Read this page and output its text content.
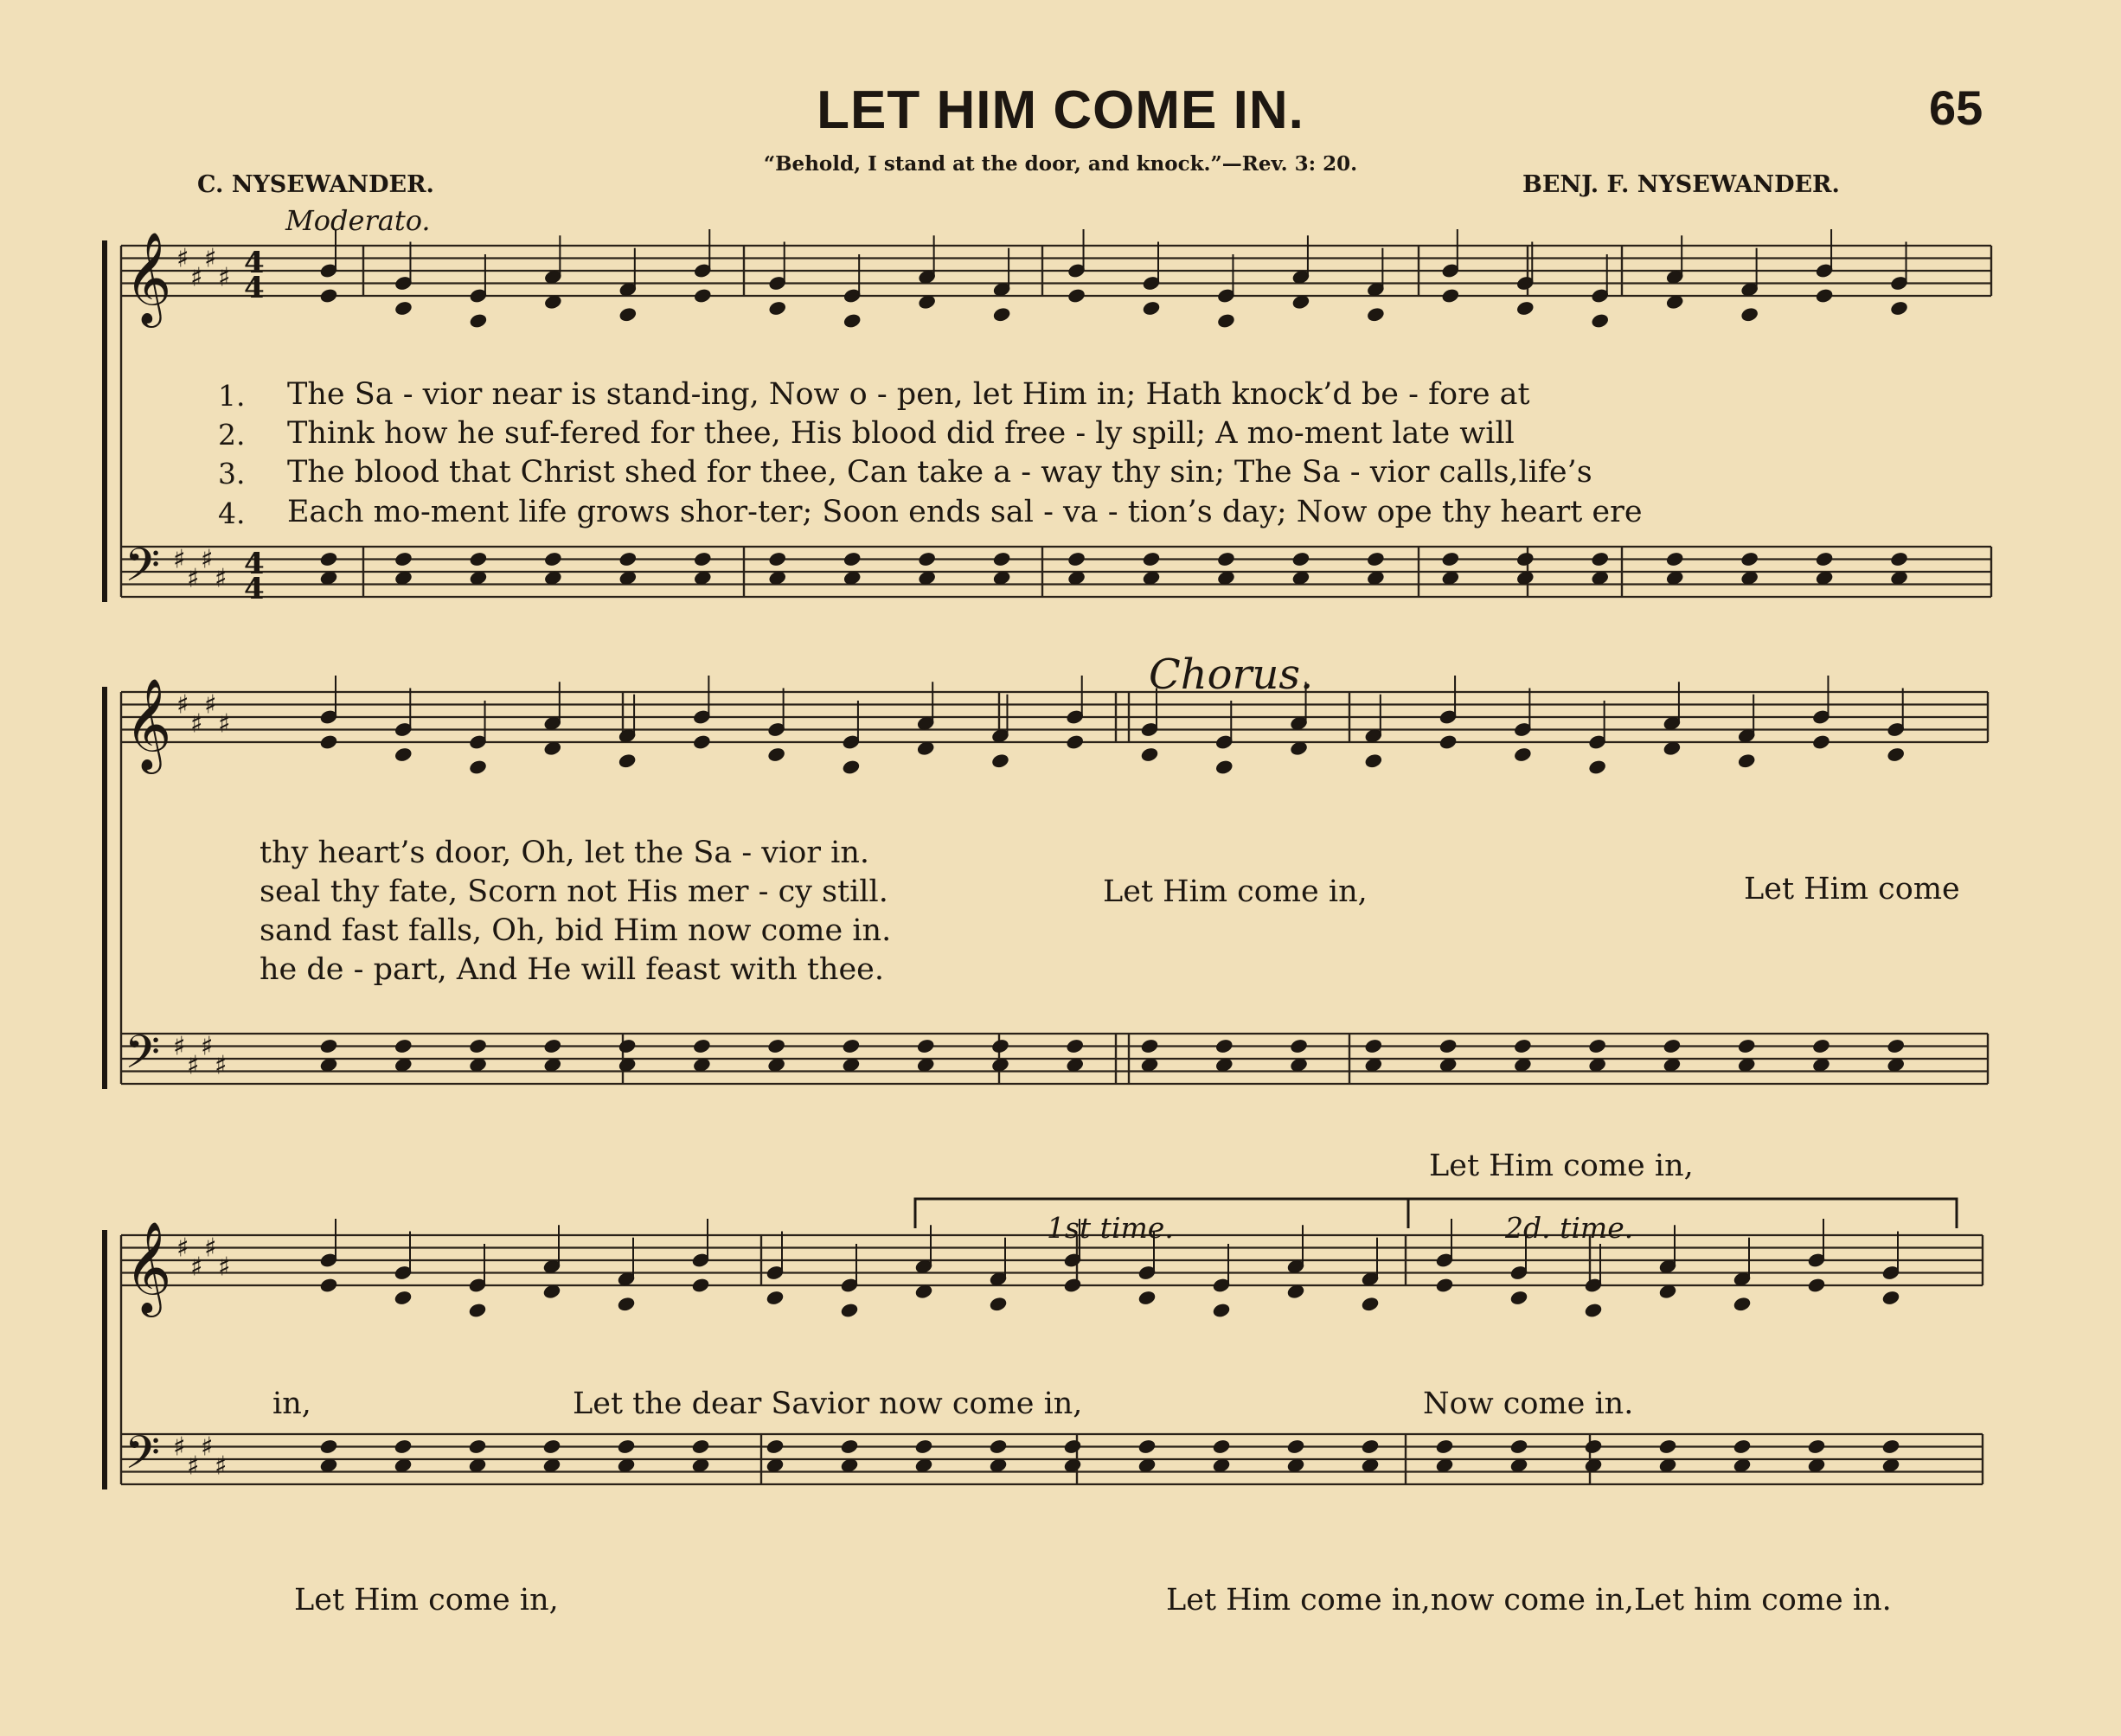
𝄞 ♯
♯
♯
♯ 4
4
𝄢 ♯
♯
♯
♯ 4
4
𝄞 ♯
♯
♯
♯
𝄢 ♯
♯
♯
♯
𝄞 ♯
♯
♯
♯
𝄢 ♯
♯
♯
♯
LET HIM COME IN.	65
“Behold, I stand at the door, and knock.”—Rev. 3: 20.
C. NYSEWANDER.	BENJ. F. NYSEWANDER.
Moderato.
1. The Sa - vior near is stand-ing, Now o - pen, let Him in; Hath knock’d be - fore at
2. Think how he suf-fered for thee, His blood did free - ly spill; A mo-ment late will
3. The blood that Christ shed for thee, Can take a - way thy sin; The Sa - vior calls,life’s
4. Each mo-ment life grows shor-ter; Soon ends sal - va - tion’s day; Now ope thy heart ere
thy heart’s door, Oh, let the Sa - vior in.
seal thy fate, Scorn not His mer - cy still.
sand fast falls, Oh, bid Him now come in.
he de - part, And He will feast with thee.
Chorus.
Let Him come in,	Let Him come
Let Him come in,
in,	Let the dear Savior now come in,	Now come in.
Let Him come in,	Let Him come in,now come in,Let him come in.
1st time.	2d. time.
